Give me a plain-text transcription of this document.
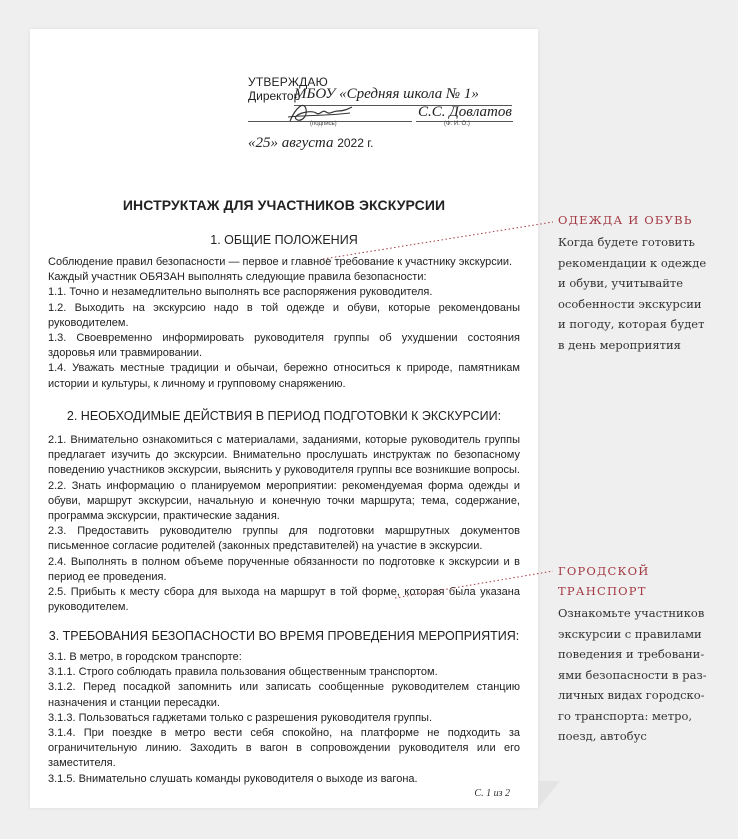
УТВЕРЖДАЮ
Директор
МБОУ «Средняя школа № 1»
С.С. Довлатов
(подпись)	(Ф. И. О.)
«25» августа 2022 г.
ИНСТРУКТАЖ ДЛЯ УЧАСТНИКОВ ЭКСКУРСИИ
1. ОБЩИЕ ПОЛОЖЕНИЯ

Соблюдение правил безопасности — первое и главное требование к участнику экскурсии.

Каждый участник ОБЯЗАН выполнять следующие правила безопасности:

1.1. Точно и незамедлительно выполнять все распоряжения руководителя.

1.2. Выходить на экскурсию надо в той одежде и обуви, которые рекомендованы руководителем.

1.3. Своевременно информировать руководителя группы об ухудшении состояния здоровья или травмировании.

1.4. Уважать местные традиции и обычаи, бережно относиться к природе, памятникам истории и культуры, к личному и групповому снаряжению.

2. НЕОБХОДИМЫЕ ДЕЙСТВИЯ В ПЕРИОД ПОДГОТОВКИ К ЭКСКУРСИИ:

2.1. Внимательно ознакомиться с материалами, заданиями, которые руководитель группы предлагает изучить до экскурсии. Внимательно прослушать инструктаж по безопасному поведению участников экскурсии, выяснить у руководителя группы все возникшие вопросы.

2.2. Знать информацию о планируемом мероприятии: рекомендуемая форма одежды и обуви, маршрут экскурсии, начальную и конечную точки маршрута; тема, содержание, программа экскурсии, практические задания.

2.3. Предоставить руководителю группы для подготовки маршрутных документов письменное согласие родителей (законных представителей) на участие в экскурсии.

2.4. Выполнять в полном объеме порученные обязанности по подготовке к экскурсии и в период ее проведения.

2.5. Прибыть к месту сбора для выхода на маршрут в той форме, которая была указана руководителем.

3. ТРЕБОВАНИЯ БЕЗОПАСНОСТИ ВО ВРЕМЯ ПРОВЕДЕНИЯ МЕРОПРИЯТИЯ:

3.1. В метро, в городском транспорте:

3.1.1. Строго соблюдать правила пользования общественным транспортом.

3.1.2. Перед посадкой запомнить или записать сообщенные руководителем станцию назначения и станции пересадки.

3.1.3. Пользоваться гаджетами только с разрешения руководителя группы.

3.1.4. При поездке в метро вести себя спокойно, на платформе не подходить за ограничительную линию. Заходить в вагон в сопровождении руководителя или его заместителя.

3.1.5. Внимательно слушать команды руководителя о выходе из вагона.

С. 1 из 2
ОДЕЖДА И ОБУВЬ
Когда будете готовить
рекомендации к одежде
и обуви, учитывайте
особенности экскурсии
и погоду, которая будет
в день мероприятия
ГОРОДСКОЙ
ТРАНСПОРТ
Ознакомьте участников
экскурсии с правилами
поведения и требовани-
ями безопасности в раз-
личных видах городско-
го транспорта: метро,
поезд, автобус
